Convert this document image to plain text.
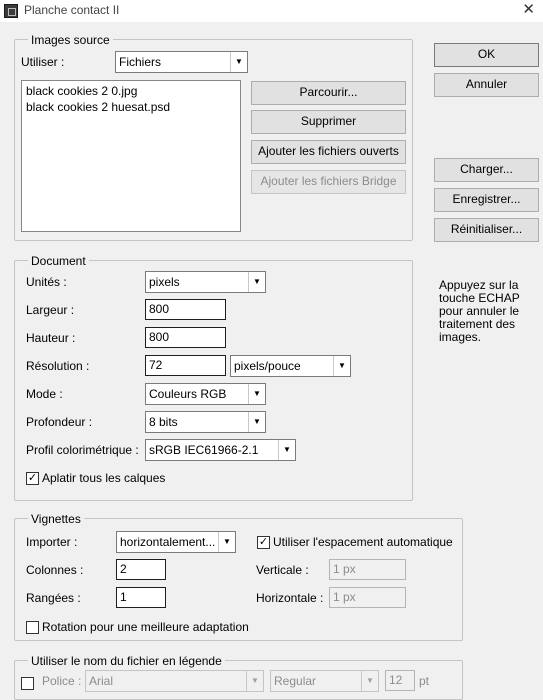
Planche contact II	✕
Images source
Utiliser :	Fichiers	▼
black cookies 2 0.jpg
black cookies 2 huesat.psd
Parcourir...
Supprimer
Ajouter les fichiers ouverts
Ajouter les fichiers Bridge
OK
Annuler
Charger...
Enregistrer...
Réinitialiser...
Appuyez sur la touche ECHAP pour annuler le traitement des images.
Document
Unités :	pixels	▼
Largeur :	800
Hauteur :	800
Résolution :	72	pixels/pouce	▼
Mode :	Couleurs RGB	▼
Profondeur :	8 bits	▼
Profil colorimétrique : sRGB IEC61966-2.1	▼
✓ Aplatir tous les calques
Vignettes
Importer :	horizontalement... ▼	✓ Utiliser l'espacement automatique
Colonnes :	2	Verticale :	1 px
Rangées :	1	Horizontale : 1 px
Rotation pour une meilleure adaptation
Utiliser le nom du fichier en légende
Police : Arial	▼	Regular	▼	12	pt
